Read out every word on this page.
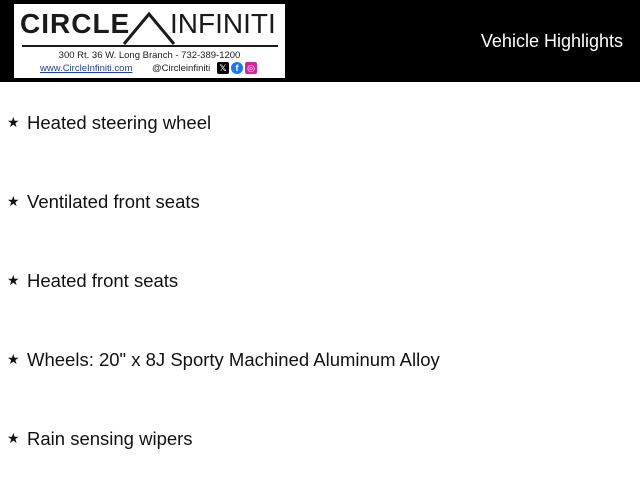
CIRCLE INFINITI
300 Rt. 36 W. Long Branch - 732-389-1200
www.CircleInfiniti.com @Circleinfiniti 𝕏 f ◎
Vehicle Highlights
★ Heated steering wheel
★ Ventilated front seats
★ Heated front seats
★ Wheels: 20" x 8J Sporty Machined Aluminum Alloy
★ Rain sensing wipers
